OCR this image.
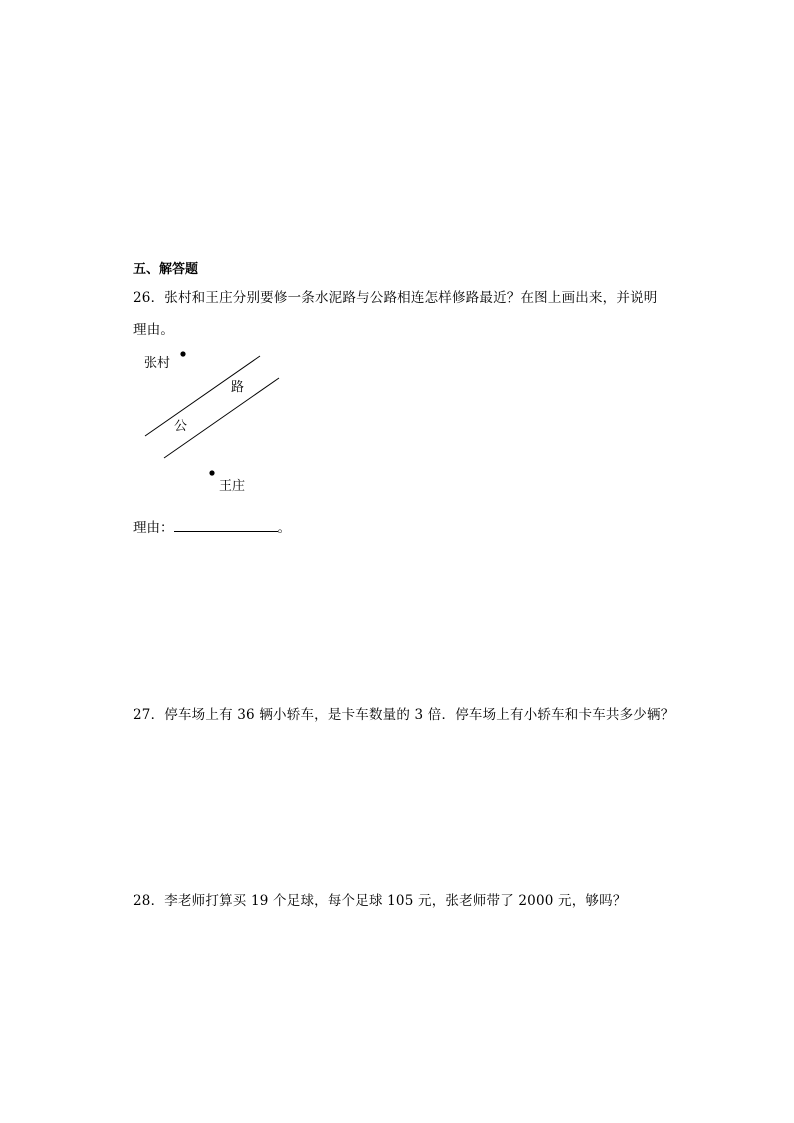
五、解答题
26．张村和王庄分别要修一条水泥路与公路相连怎样修路最近？在图上画出来，并说明
理由。
张村
王庄
路
公
理由：	。
27．停车场上有 36 辆小轿车，是卡车数量的 3 倍．停车场上有小轿车和卡车共多少辆？
28．李老师打算买 19 个足球，每个足球 105 元，张老师带了 2000 元，够吗？
